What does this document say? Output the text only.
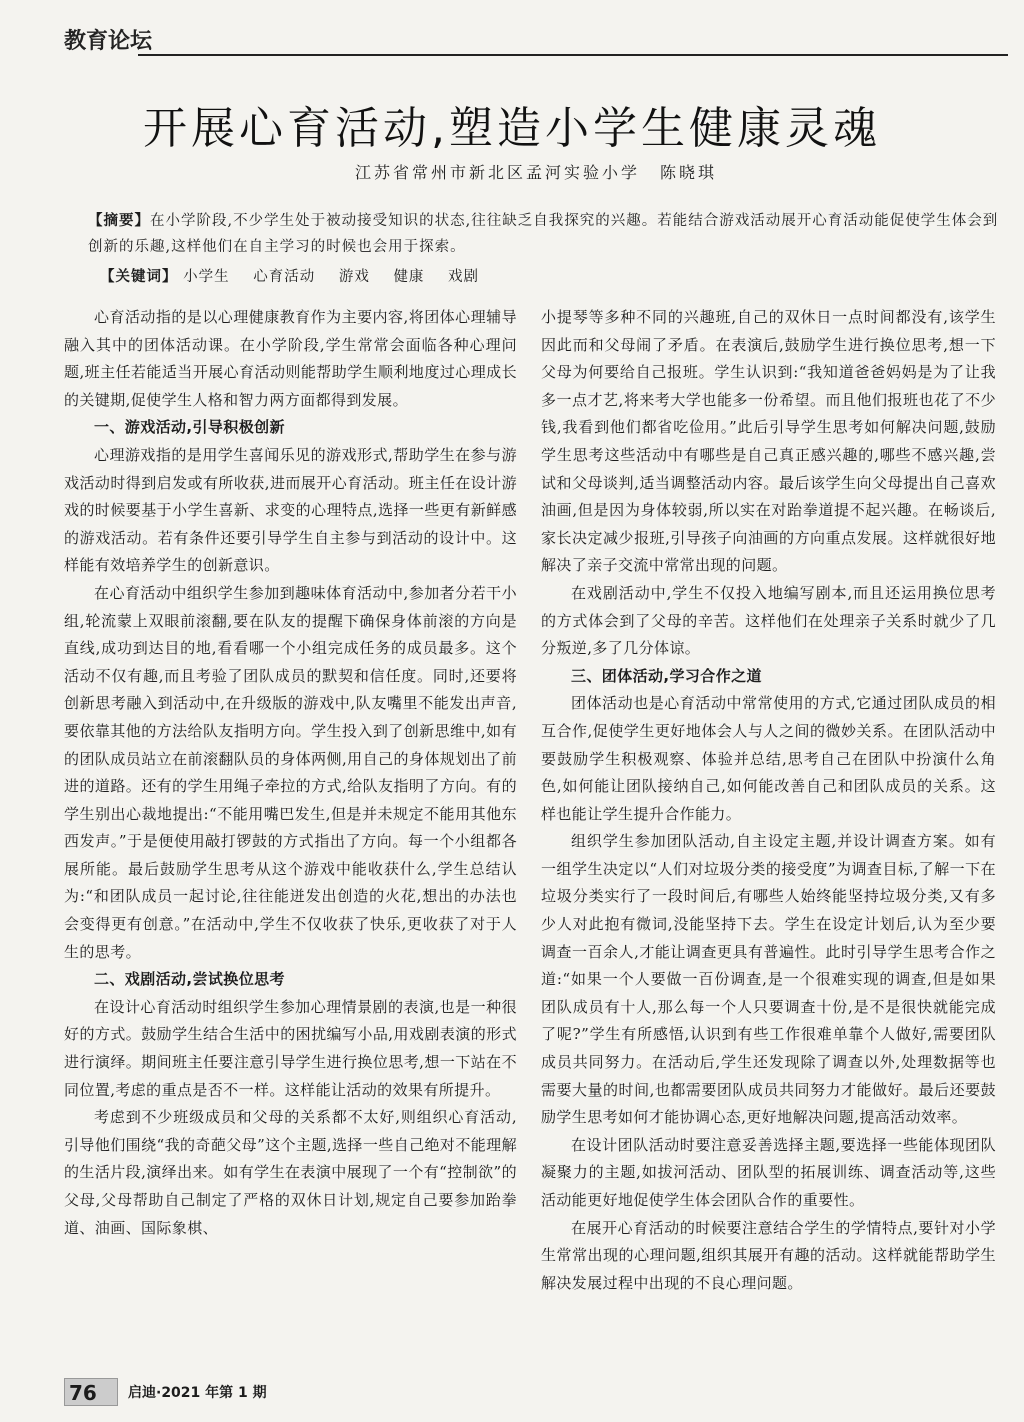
教育论坛
开展心育活动,塑造小学生健康灵魂
江苏省常州市新北区孟河实验小学 陈晓琪
【摘要】在小学阶段,不少学生处于被动接受知识的状态,往往缺乏自我探究的兴趣。若能结合游戏活动展开心育活动能促使学生体会到创新的乐趣,这样他们在自主学习的时候也会用于探索。
【关键词】 小学生 心育活动 游戏 健康 戏剧

心育活动指的是以心理健康教育作为主要内容,将团体心理辅导融入其中的团体活动课。在小学阶段,学生常常会面临各种心理问题,班主任若能适当开展心育活动则能帮助学生顺利地度过心理成长的关键期,促使学生人格和智力两方面都得到发展。

一、游戏活动,引导积极创新

心理游戏指的是用学生喜闻乐见的游戏形式,帮助学生在参与游戏活动时得到启发或有所收获,进而展开心育活动。班主任在设计游戏的时候要基于小学生喜新、求变的心理特点,选择一些更有新鲜感的游戏活动。若有条件还要引导学生自主参与到活动的设计中。这样能有效培养学生的创新意识。

在心育活动中组织学生参加到趣味体育活动中,参加者分若干小组,轮流蒙上双眼前滚翻,要在队友的提醒下确保身体前滚的方向是直线,成功到达目的地,看看哪一个小组完成任务的成员最多。这个活动不仅有趣,而且考验了团队成员的默契和信任度。同时,还要将创新思考融入到活动中,在升级版的游戏中,队友嘴里不能发出声音,要依靠其他的方法给队友指明方向。学生投入到了创新思维中,如有的团队成员站立在前滚翻队员的身体两侧,用自己的身体规划出了前进的道路。还有的学生用绳子牵拉的方式,给队友指明了方向。有的学生别出心裁地提出:“不能用嘴巴发生,但是并未规定不能用其他东西发声。”于是便使用敲打锣鼓的方式指出了方向。每一个小组都各展所能。最后鼓励学生思考从这个游戏中能收获什么,学生总结认为:“和团队成员一起讨论,往往能迸发出创造的火花,想出的办法也会变得更有创意。”在活动中,学生不仅收获了快乐,更收获了对于人生的思考。

二、戏剧活动,尝试换位思考

在设计心育活动时组织学生参加心理情景剧的表演,也是一种很好的方式。鼓励学生结合生活中的困扰编写小品,用戏剧表演的形式进行演绎。期间班主任要注意引导学生进行换位思考,想一下站在不同位置,考虑的重点是否不一样。这样能让活动的效果有所提升。

考虑到不少班级成员和父母的关系都不太好,则组织心育活动,引导他们围绕“我的奇葩父母”这个主题,选择一些自己绝对不能理解的生活片段,演绎出来。如有学生在表演中展现了一个有“控制欲”的父母,父母帮助自己制定了严格的双休日计划,规定自己要参加跆拳道、油画、国际象棋、

小提琴等多种不同的兴趣班,自己的双休日一点时间都没有,该学生因此而和父母闹了矛盾。在表演后,鼓励学生进行换位思考,想一下父母为何要给自己报班。学生认识到:“我知道爸爸妈妈是为了让我多一点才艺,将来考大学也能多一份希望。而且他们报班也花了不少钱,我看到他们都省吃俭用。”此后引导学生思考如何解决问题,鼓励学生思考这些活动中有哪些是自己真正感兴趣的,哪些不感兴趣,尝试和父母谈判,适当调整活动内容。最后该学生向父母提出自己喜欢油画,但是因为身体较弱,所以实在对跆拳道提不起兴趣。在畅谈后,家长决定减少报班,引导孩子向油画的方向重点发展。这样就很好地解决了亲子交流中常常出现的问题。

在戏剧活动中,学生不仅投入地编写剧本,而且还运用换位思考的方式体会到了父母的辛苦。这样他们在处理亲子关系时就少了几分叛逆,多了几分体谅。

三、团体活动,学习合作之道

团体活动也是心育活动中常常使用的方式,它通过团队成员的相互合作,促使学生更好地体会人与人之间的微妙关系。在团队活动中要鼓励学生积极观察、体验并总结,思考自己在团队中扮演什么角色,如何能让团队接纳自己,如何能改善自己和团队成员的关系。这样也能让学生提升合作能力。

组织学生参加团队活动,自主设定主题,并设计调查方案。如有一组学生决定以“人们对垃圾分类的接受度”为调查目标,了解一下在垃圾分类实行了一段时间后,有哪些人始终能坚持垃圾分类,又有多少人对此抱有微词,没能坚持下去。学生在设定计划后,认为至少要调查一百余人,才能让调查更具有普遍性。此时引导学生思考合作之道:“如果一个人要做一百份调查,是一个很难实现的调查,但是如果团队成员有十人,那么每一个人只要调查十份,是不是很快就能完成了呢?”学生有所感悟,认识到有些工作很难单靠个人做好,需要团队成员共同努力。在活动后,学生还发现除了调查以外,处理数据等也需要大量的时间,也都需要团队成员共同努力才能做好。最后还要鼓励学生思考如何才能协调心态,更好地解决问题,提高活动效率。

在设计团队活动时要注意妥善选择主题,要选择一些能体现团队凝聚力的主题,如拔河活动、团队型的拓展训练、调查活动等,这些活动能更好地促使学生体会团队合作的重要性。

在展开心育活动的时候要注意结合学生的学情特点,要针对小学生常常出现的心理问题,组织其展开有趣的活动。这样就能帮助学生解决发展过程中出现的不良心理问题。

76	启迪·2021 年第 1 期
